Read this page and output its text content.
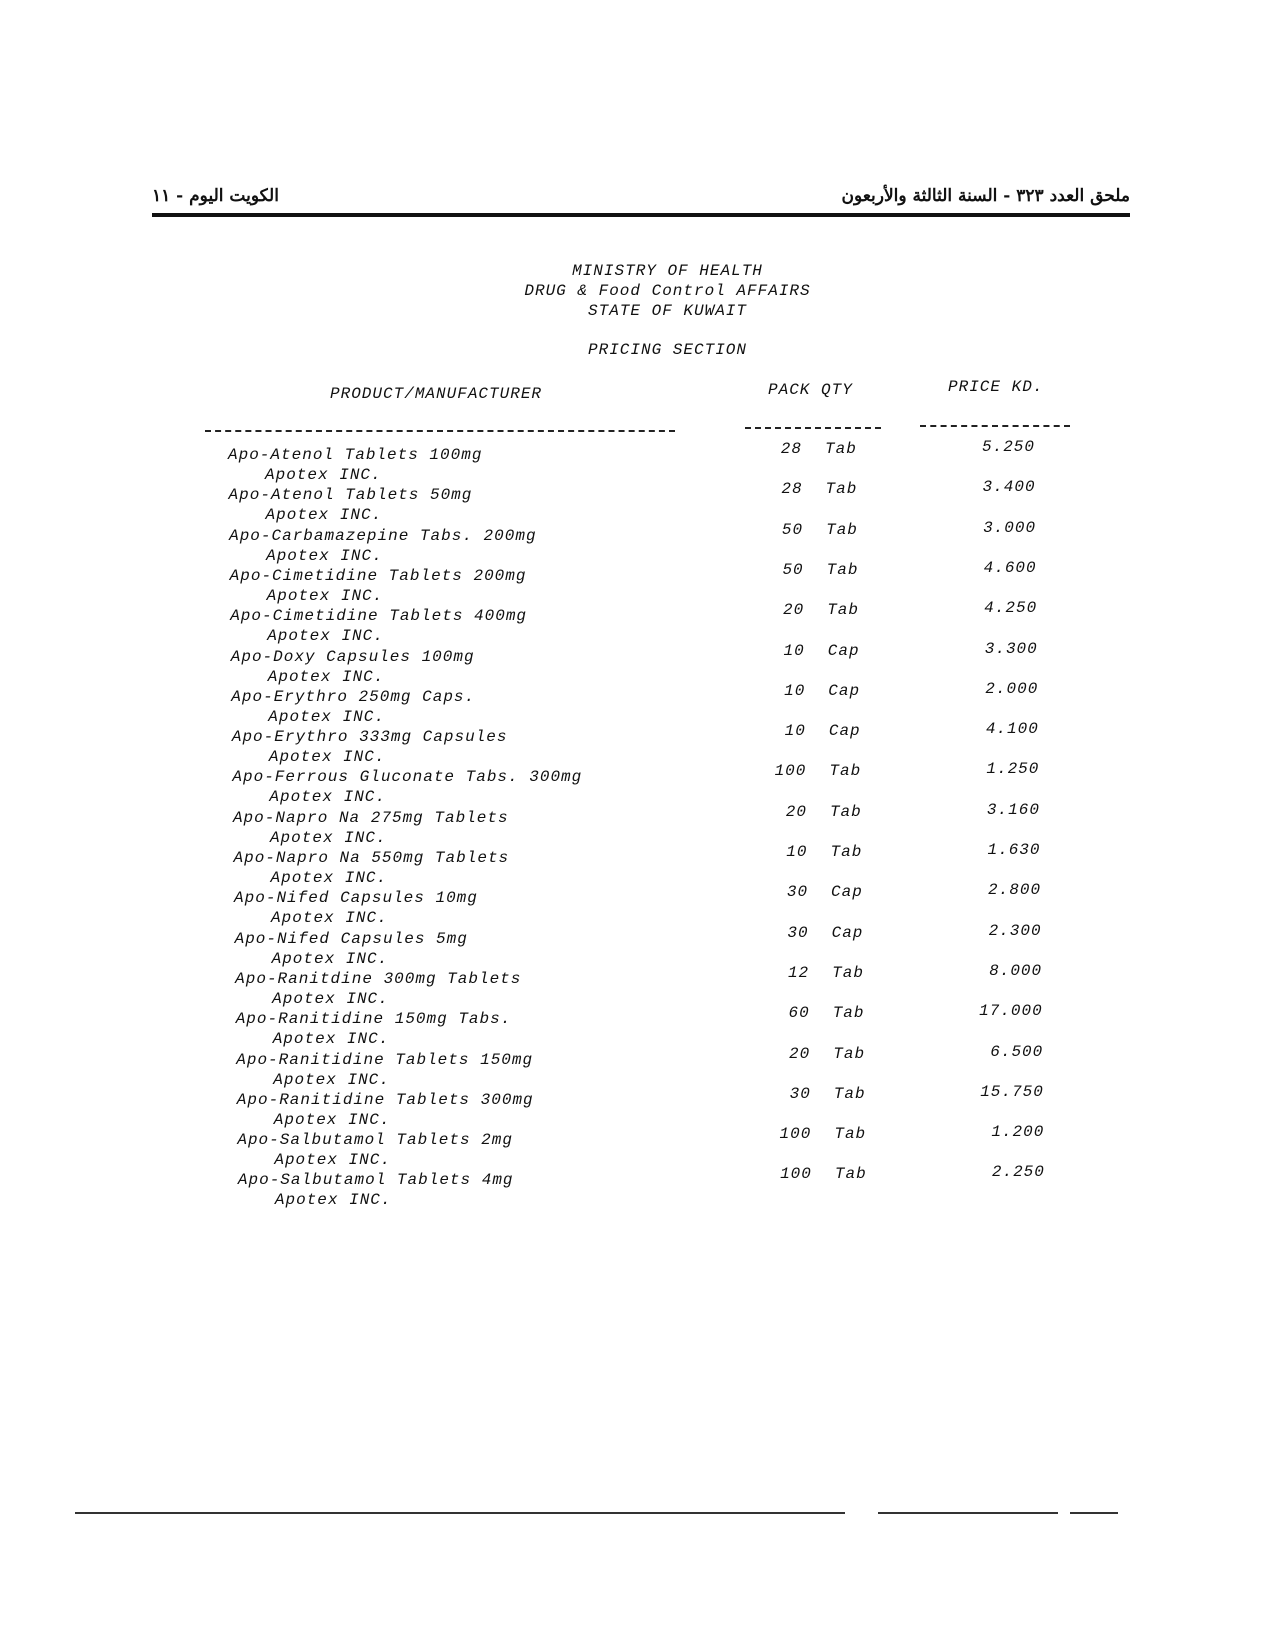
الكويت اليوم - ١١	ملحق العدد ٣٢٣ - السنة الثالثة والأربعون
MINISTRY OF HEALTH
DRUG & Food Control AFFAIRS
STATE OF KUWAIT
PRICING SECTION
PRODUCT/MANUFACTURER	PACK QTY	PRICE KD.
Apo-Atenol Tablets 100mg
Apotex INC.
28 Tab	5.250
Apo-Atenol Tablets 50mg
Apotex INC.
28 Tab	3.400
Apo-Carbamazepine Tabs. 200mg
Apotex INC.
50 Tab	3.000
Apo-Cimetidine Tablets 200mg
Apotex INC.
50 Tab	4.600
Apo-Cimetidine Tablets 400mg
Apotex INC.
20 Tab	4.250
Apo-Doxy Capsules 100mg
Apotex INC.
10 Cap	3.300
Apo-Erythro 250mg Caps.
Apotex INC.
10 Cap	2.000
Apo-Erythro 333mg Capsules
Apotex INC.
10 Cap	4.100
Apo-Ferrous Gluconate Tabs. 300mg
Apotex INC.
100 Tab	1.250
Apo-Napro Na 275mg Tablets
Apotex INC.
20 Tab	3.160
Apo-Napro Na 550mg Tablets
Apotex INC.
10 Tab	1.630
Apo-Nifed Capsules 10mg
Apotex INC.
30 Cap	2.800
Apo-Nifed Capsules 5mg
Apotex INC.
30 Cap	2.300
Apo-Ranitdine 300mg Tablets
Apotex INC.
12 Tab	8.000
Apo-Ranitidine 150mg Tabs.
Apotex INC.
60 Tab	17.000
Apo-Ranitidine Tablets 150mg
Apotex INC.
20 Tab	6.500
Apo-Ranitidine Tablets 300mg
Apotex INC.
30 Tab	15.750
Apo-Salbutamol Tablets 2mg
Apotex INC.
100 Tab	1.200
Apo-Salbutamol Tablets 4mg
Apotex INC.
100 Tab	2.250
